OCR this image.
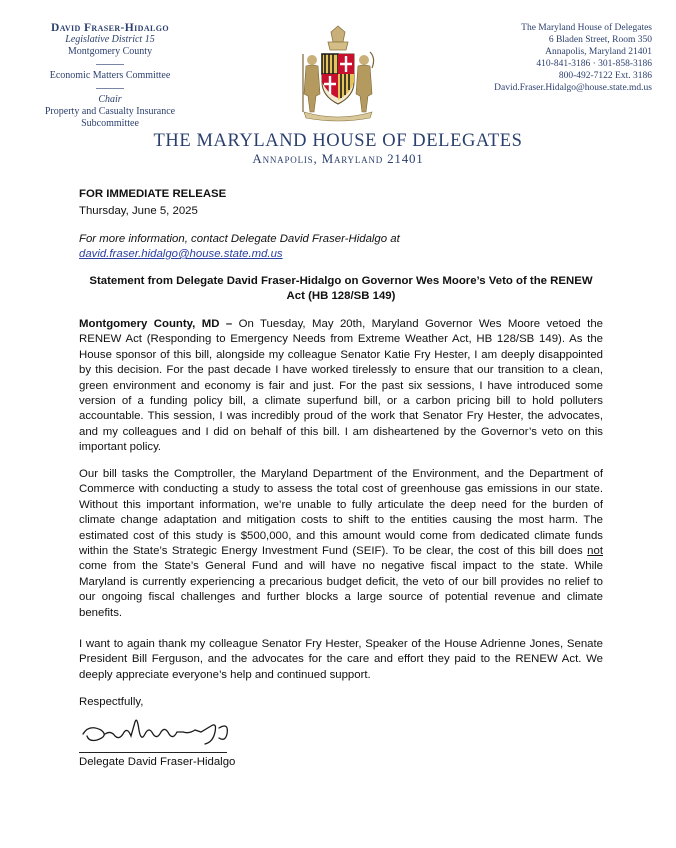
David Fraser-Hidalgo
Legislative District 15
Montgomery County
Economic Matters Committee
Chair
Property and Casualty Insurance
Subcommittee
The Maryland House of Delegates
6 Bladen Street, Room 350
Annapolis, Maryland 21401
410-841-3186 · 301-858-3186
800-492-7122 Ext. 3186
David.Fraser.Hidalgo@house.state.md.us
THE MARYLAND HOUSE OF DELEGATES
Annapolis, Maryland 21401
FOR IMMEDIATE RELEASE
Thursday, June 5, 2025
For more information, contact Delegate David Fraser-Hidalgo at
david.fraser.hidalgo@house.state.md.us
Statement from Delegate David Fraser-Hidalgo on Governor Wes Moore’s Veto of the RENEW Act (HB 128/SB 149)
Montgomery County, MD – On Tuesday, May 20th, Maryland Governor Wes Moore vetoed the RENEW Act (Responding to Emergency Needs from Extreme Weather Act, HB 128/SB 149). As the House sponsor of this bill, alongside my colleague Senator Katie Fry Hester, I am deeply disappointed by this decision. For the past decade I have worked tirelessly to ensure that our transition to a clean, green environment and economy is fair and just. For the past six sessions, I have introduced some version of a funding policy bill, a climate superfund bill, or a carbon pricing bill to hold polluters accountable. This session, I was incredibly proud of the work that Senator Fry Hester, the advocates, and my colleagues and I did on behalf of this bill. I am disheartened by the Governor’s veto on this important policy.
Our bill tasks the Comptroller, the Maryland Department of the Environment, and the Department of Commerce with conducting a study to assess the total cost of greenhouse gas emissions in our state. Without this important information, we’re unable to fully articulate the deep need for the burden of climate change adaptation and mitigation costs to shift to the entities causing the most harm. The estimated cost of this study is $500,000, and this amount would come from dedicated climate funds within the State’s Strategic Energy Investment Fund (SEIF). To be clear, the cost of this bill does not come from the State’s General Fund and will have no negative fiscal impact to the state. While Maryland is currently experiencing a precarious budget deficit, the veto of our bill provides no relief to our ongoing fiscal challenges and further blocks a large source of potential revenue and climate benefits.
I want to again thank my colleague Senator Fry Hester, Speaker of the House Adrienne Jones, Senate President Bill Ferguson, and the advocates for the care and effort they paid to the RENEW Act. We deeply appreciate everyone’s help and continued support.
Respectfully,
Delegate David Fraser-Hidalgo
